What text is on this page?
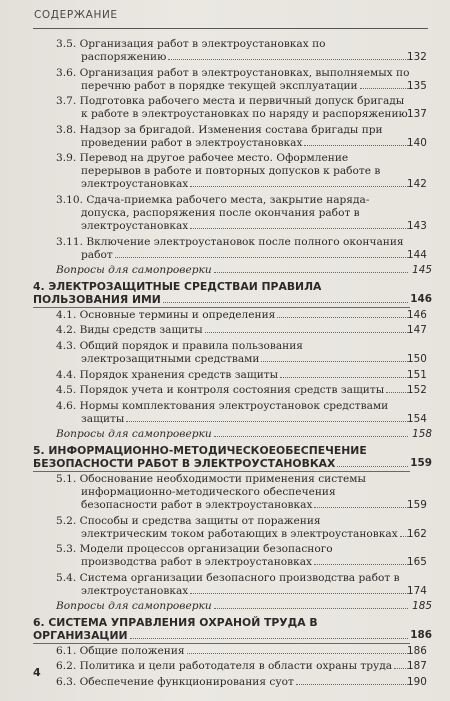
СОДЕРЖАНИЕ
3.5. Организация работ в электроустановках по распоряжению	132
3.6. Организация работ в электроустановках, выполняемых по перечню работ в порядке текущей эксплуатации	135
3.7. Подготовка рабочего места и первичный допуск бригады к работе в электроустановках по наряду и распоряжению 137
3.8. Надзор за бригадой. Изменения состава бригады при проведении работ в электроустановках	140
3.9. Перевод на другое рабочее место. Оформление перерывов в работе и повторных допусков к работе в электроустановках	142
3.10. Сдача-приемка рабочего места, закрытие наряда-допуска, распоряжения после окончания работ в электроустановках	143
3.11. Включение электроустановок после полного окончания работ	144
Вопросы для самопроверки	145
4. ЭЛЕКТРОЗАЩИТНЫЕ СРЕДСТВАИ ПРАВИЛА ПОЛЬЗОВАНИЯ ИМИ	146
4.1. Основные термины и определения	146
4.2. Виды средств защиты	147
4.3. Общий порядок и правила пользования электрозащитными средствами	150
4.4. Порядок хранения средств защиты	151
4.5. Порядок учета и контроля состояния средств защиты 152
4.6. Нормы комплектования электроустановок средствами защиты	154
Вопросы для самопроверки	158
5. ИНФОРМАЦИОННО-МЕТОДИЧЕСКОЕОБЕСПЕЧЕНИЕ БЕЗОПАСНОСТИ РАБОТ В ЭЛЕКТРОУСТАНОВКАХ	159
5.1. Обоснование необходимости применения системы информационно-методического обеспечения безопасности работ в электроустановках	159
5.2. Способы и средства защиты от поражения электрическим током работающих в электроустановках 162
5.3. Модели процессов организации безопасного производства работ в электроустановках	165
5.4. Система организации безопасного производства работ в электроустановках	174
Вопросы для самопроверки	185
6. СИСТЕМА УПРАВЛЕНИЯ ОХРАНОЙ ТРУДА В ОРГАНИЗАЦИИ	186
6.1. Общие положения	186
6.2. Политика и цели работодателя в области охраны труда 187
6.3. Обеспечение функционирования суот	190
4
